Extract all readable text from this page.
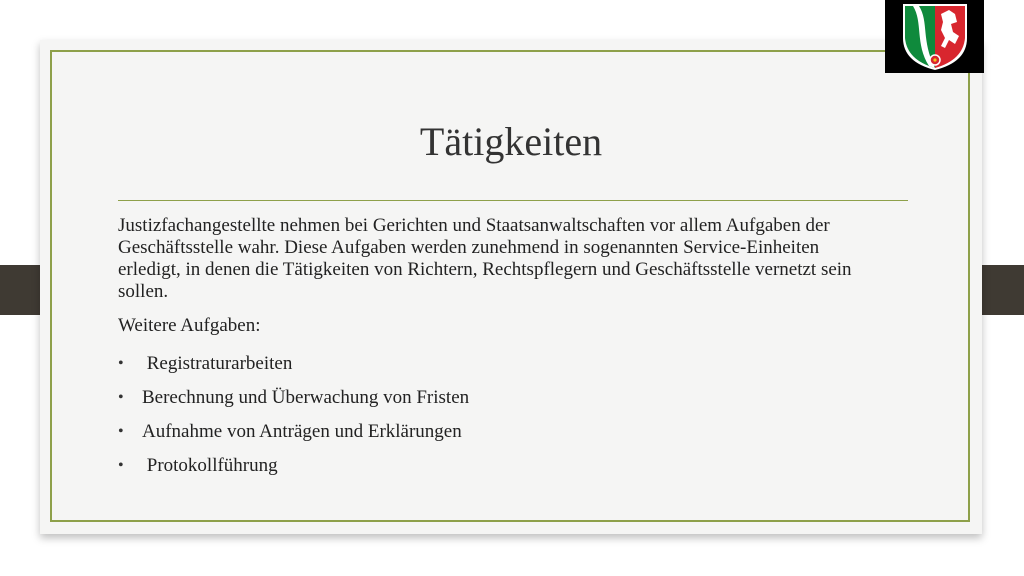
Tätigkeiten

Justizfachangestellte nehmen bei Gerichten und Staatsanwaltschaften vor allem Aufgaben der Geschäftsstelle wahr. Diese Aufgaben werden zunehmend in sogenannten Service-Einheiten erledigt, in denen die Tätigkeiten von Richtern, Rechtspflegern und Geschäftsstelle vernetzt sein sollen.

Weitere Aufgaben:

• Registraturarbeiten
• Berechnung und Überwachung von Fristen
• Aufnahme von Anträgen und Erklärungen
• Protokollführung
